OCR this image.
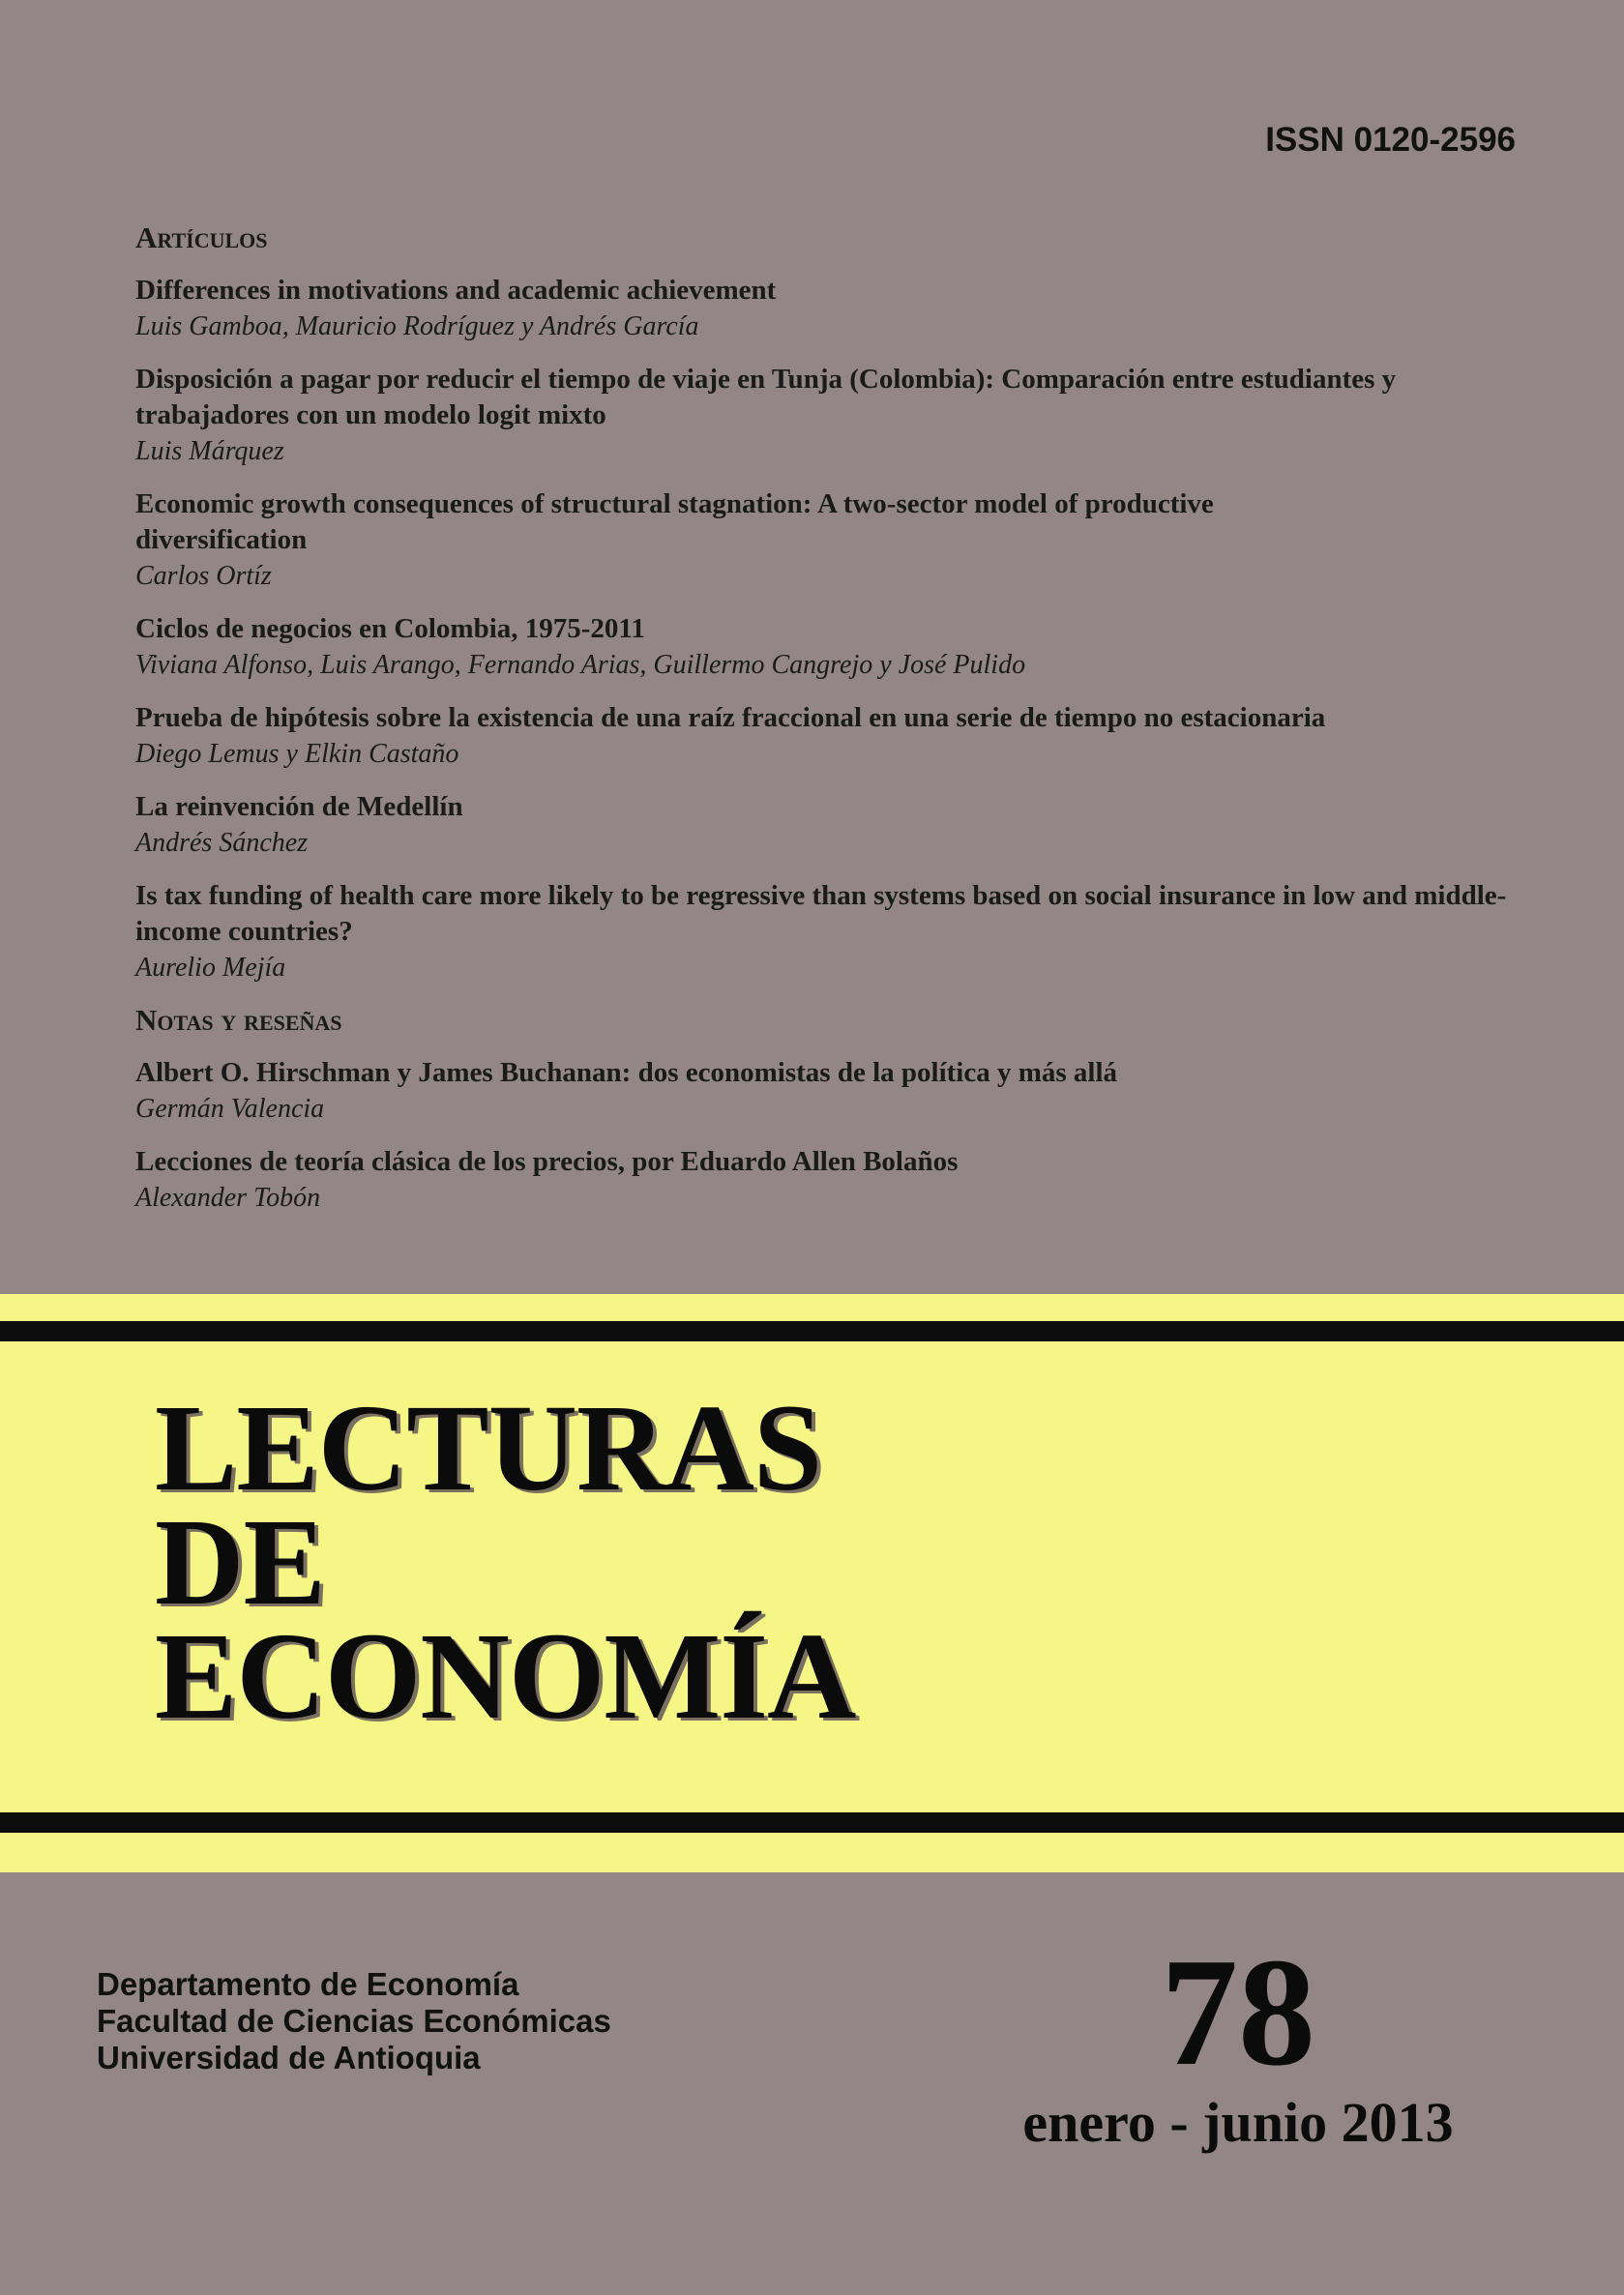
ISSN 0120-2596
Artículos
Differences in motivations and academic achievement
Luis Gamboa, Mauricio Rodríguez y Andrés García
Disposición a pagar por reducir el tiempo de viaje en Tunja (Colombia): Comparación entre estudiantes y trabajadores con un modelo logit mixto
Luis Márquez
Economic growth consequences of structural stagnation: A two-sector model of productive diversification
Carlos Ortíz
Ciclos de negocios en Colombia, 1975-2011
Viviana Alfonso, Luis Arango, Fernando Arias, Guillermo Cangrejo y José Pulido
Prueba de hipótesis sobre la existencia de una raíz fraccional en una serie de tiempo no estacionaria
Diego Lemus y Elkin Castaño
La reinvención de Medellín
Andrés Sánchez
Is tax funding of health care more likely to be regressive than systems based on social insurance in low and middle-income countries?
Aurelio Mejía
Notas y reseñas
Albert O. Hirschman y James Buchanan: dos economistas de la política y más allá
Germán Valencia
Lecciones de teoría clásica de los precios, por Eduardo Allen Bolaños
Alexander Tobón
LECTURAS
DE
ECONOMÍA
Departamento de Economía
Facultad de Ciencias Económicas
Universidad de Antioquia	78
enero - junio 2013
